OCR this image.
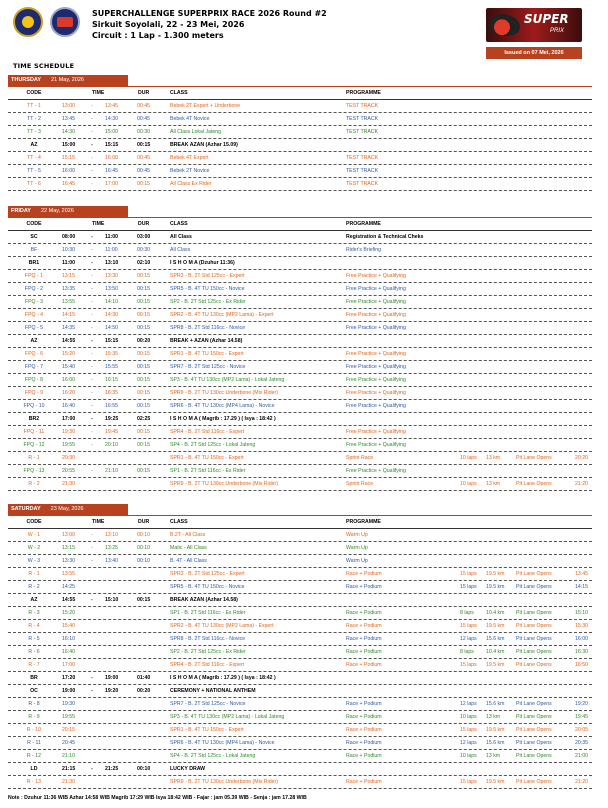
SUPERCHALLENGE SUPERPRIX RACE 2026 Round #2
Sirkuit Soyolali, 22 - 23 Mei, 2026
Circuit : 1 Lap - 1.300 meters
SUPER
PRIX
Issued on 07 Mei, 2026
TIME SCHEDULE
THURSDAY 21 May, 2026
CODE	TIME	DUR	CLASS	PROGRAMME
TT - 1	13:00	- 13:45	00:45	Bebek 2T Expert + Underbone	TEST TRACK
TT - 2	13:45	- 14:30	00:45	Bebek 4T Novice	TEST TRACK
TT - 3	14:30	- 15:00	00:30	All Class Lokal Jateng	TEST TRACK
AZ	15:00	- 15:15	00:15	BREAK AZAN (Azhar 15.09)
TT - 4	15:15	- 16:00	00:45	Bebek 4T Expert	TEST TRACK
TT - 5	16:00	- 16:45	00:45	Bebek 2T Novice	TEST TRACK
TT - 6	16:45	- 17:00	00:15	All Class Ex Rider	TEST TRACK
FRIDAY 22 May, 2026
CODE	TIME	DUR	CLASS	PROGRAMME
SC	08:00	- 11:00	03:00	All Class	Registration & Technical Cheks
BF	10:30	- 11:00	00:30	All Class	Rider's Briefing
BR1	11:00	- 13:10	02:10	I S H O M A (Dzuhur 11:36)
FPQ - 1	13:15	- 13:30	00:15	SPR3 - B. 2T Std 125cc - Expert	Free Practice + Qualifying
FPQ - 2	13:35	- 13:50	00:15	SPR5 - B. 4T TU 150cc - Novice	Free Practice + Qualifying
FPQ - 3	13:55	- 14:10	00:15	SP2 - B. 2T Std 125cc - Ex Rider	Free Practice + Qualifying
FPQ - 4	14:15	- 14:30	00:15	SPR2 - B. 4T TU 130cc (MP2 Lama) - Expert	Free Practice + Qualifying
FPQ - 5	14:35	- 14:50	00:15	SPR8 - B. 2T Std 116cc - Novice	Free Practice + Qualifying
AZ	14:55	- 15:15	00:20	BREAK + AZAN (Azhar 14.58)
FPQ - 6	15:20	- 15:35	00:15	SPR1 - B. 4T TU 150cc - Expert	Free Practice + Qualifying
FPQ - 7	15:40	- 15:55	00:15	SPR7 - B. 2T Std 125cc - Novice	Free Practice + Qualifying
FPQ - 8	16:00	- 16:15	00:15	SP3 - B. 4T TU 130cc (MP2 Lama) - Lokal Jateng	Free Practice + Qualifying
FPQ - 9	16:20	- 16:35	00:15	SPR9 - B. 2T TU 130cc Underbone (Mix Rider)	Free Practice + Qualifying
FPQ - 10	16:40	- 16:55	00:15	SPR6 - B. 4T TU 130cc (MP4 Lama) - Novice	Free Practice + Qualifying
BR2	17:00	- 19:25	02:25	I S H O M A ( Magrib : 17.29 ) ( Isya : 18:42 )
FPQ - 11	19:30	- 19:45	00:15	SPR4 - B. 2T Std 116cc - Expert	Free Practice + Qualifying
FPQ - 12	19:55	- 20:10	00:15	SP4 - B. 2T Std 125cc - Lokal Jateng	Free Practice + Qualifying
R - 1	20:30	SPR1 - B. 4T TU 150cc - Expert	Sprint Race	10 laps 13 km	Pit Lane Opens	20:20
FPQ - 13	20:55	- 21:10	00:15	SP1 - B. 2T Std 116cc - Ex Rider	Free Practice + Qualifying
R - 2	21:30	SPR9 - B. 2T TU 130cc Underbone (Mix Rider)	Sprint Race	10 laps 13 km	Pit Lane Opens	21:20
SATURDAY 23 May, 2026
CODE	TIME	DUR	CLASS	PROGRAMME
W - 1	13:00	- 13:10	00:10	B.2T - All Class	Warm Up
W - 2	13:15	- 13:25	00:10	Matic - All Class	Warm Up
W - 3	13:30	- 13:40	00:10	B. 4T - All Class	Warm Up
R - 1	13:55	SPR3 - B. 2T Std 125cc - Expert	Race + Podium	15 laps 19.5 km Pit Lane Opens	13:45
R - 2	14:25	SPR5 - B. 4T TU 150cc - Novice	Race + Podium	15 laps 19.5 km Pit Lane Opens	14:15
AZ	14:55	- 15:10	00:15	BREAK AZAN (Azhar 14.58)
R - 3	15:20	SP1 - B. 2T Std 116cc - Ex Rider	Race + Podium	8 laps 10.4 km Pit Lane Opens	15:10
R - 4	15:40	SPR2 - B. 4T TU 130cc (MP2 Lama) - Expert	Race + Podium	15 laps 19.5 km Pit Lane Opens	15:30
R - 5	16:10	SPR8 - B. 2T Std 116cc - Novice	Race + Podium	12 laps 15.6 km Pit Lane Opens	16:00
R - 6	16:40	SP2 - B. 2T Std 125cc - Ex Rider	Race + Podium	8 laps 10.4 km Pit Lane Opens	16:30
R - 7	17:00	SPR4 - B. 2T Std 116cc - Expert	Race + Podium	15 laps 19.5 km Pit Lane Opens	16:50
BR	17:20	- 19:00	01:40	I S H O M A ( Magrib : 17.29 ) ( Isya : 18:42 )
OC	19:00	- 19:20	00:20	CEREMONY + NATIONAL ANTHEM
R - 8	19:30	SPR7 - B. 2T Std 125cc - Novice	Race + Podium	12 laps 15.6 km Pit Lane Opens	19:20
R - 9	19:55	SP3 - B. 4T TU 130cc (MP2 Lama) - Lokal Jateng	Race + Podium	10 laps 13 km	Pit Lane Opens	19:45
R - 10	20:15	SPR1 - B. 4T TU 150cc - Expert	Race + Podium	15 laps 19.5 km Pit Lane Opens	20:05
R - 11	20:45	SPR6 - B. 4T TU 130cc (MP4 Lama) - Novice	Race + Podium	12 laps 15.6 km Pit Lane Opens	20:35
R - 12	21:10	SP4 - B. 2T Std 125cc - Lokal Jateng	Race + Podium	10 laps 13 km	Pit Lane Opens	21:00
LD	21:15	- 21:25	00:10	LUCKY DRAW
R - 13	21:30	SPR9 - B. 2T TU 130cc Underbone (Mix Rider)	Race + Podium	15 laps 19.5 km Pit Lane Opens	21:20
Note : Dzuhur 11:36 WIB Azhar 14:58 WIB Magrib 17:29 WIB Isya 18:42 WIB - Fajar : jam 05.39 WIB - Senja : jam 17.28 WIB
